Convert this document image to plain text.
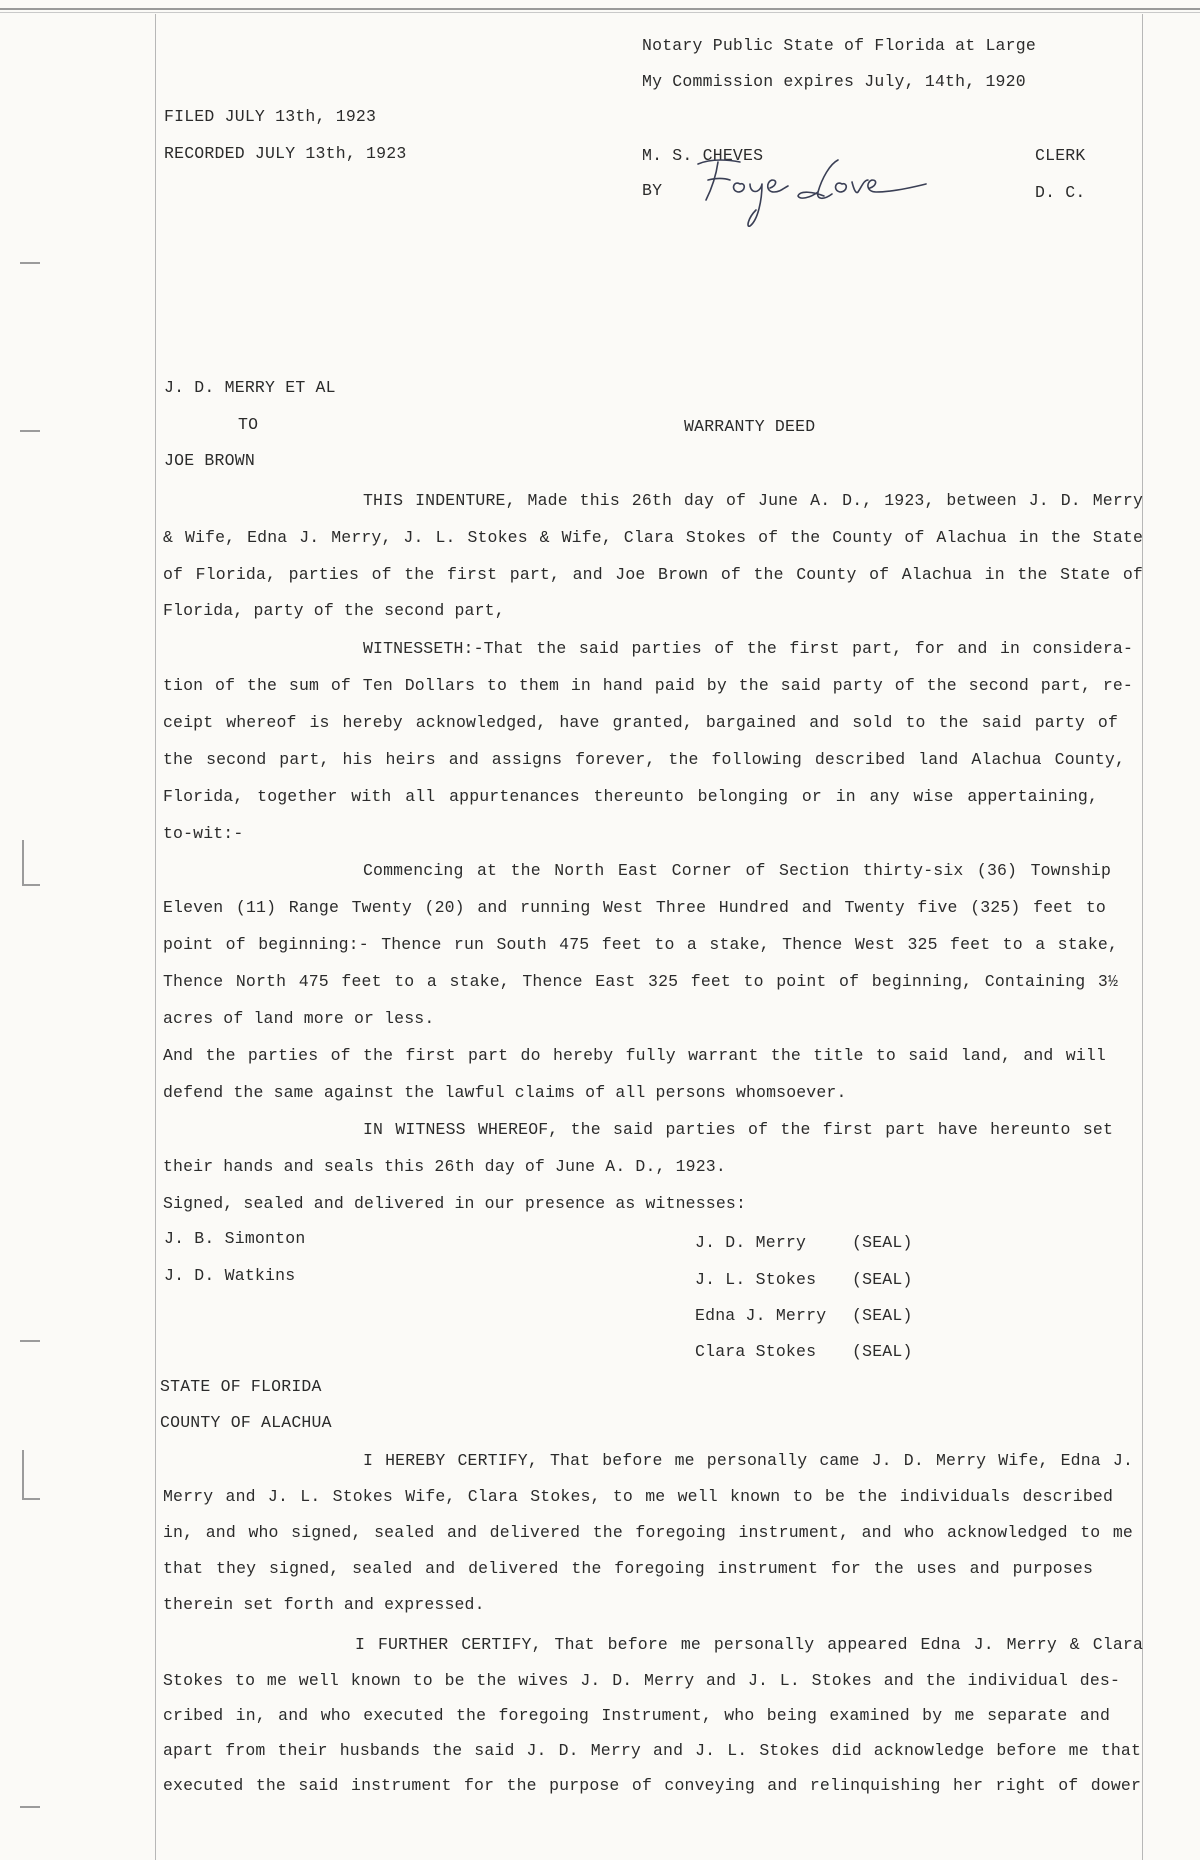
Notary Public State of Florida at Large
My Commission expires July, 14th, 1920
FILED JULY 13th, 1923
RECORDED JULY 13th, 1923	M. S. CHEVES	CLERK
BY	D. C.
J. D. MERRY ET AL
TO	WARRANTY DEED
JOE BROWN
THIS INDENTURE, Made this 26th day of June A. D., 1923, between J. D. Merry
& Wife, Edna J. Merry, J. L. Stokes & Wife, Clara Stokes of the County of Alachua in the State
of Florida, parties of the first part, and Joe Brown of the County of Alachua in the State of
Florida, party of the second part,
WITNESSETH:-That the said parties of the first part, for and in considera-
tion of the sum of Ten Dollars to them in hand paid by the said party of the second part, re-
ceipt whereof is hereby acknowledged, have granted, bargained and sold to the said party of
the second part, his heirs and assigns forever, the following described land Alachua County,
Florida, together with all appurtenances thereunto belonging or in any wise appertaining,
to-wit:-
Commencing at the North East Corner of Section thirty-six (36) Township
Eleven (11) Range Twenty (20) and running West Three Hundred and Twenty five (325) feet to
point of beginning:- Thence run South 475 feet to a stake, Thence West 325 feet to a stake,
Thence North 475 feet to a stake, Thence East 325 feet to point of beginning, Containing 3½
acres of land more or less.
And the parties of the first part do hereby fully warrant the title to said land, and will
defend the same against the lawful claims of all persons whomsoever.
IN WITNESS WHEREOF, the said parties of the first part have hereunto set
their hands and seals this 26th day of June A. D., 1923.
Signed, sealed and delivered in our presence as witnesses:
J. B. Simonton
J. D. Watkins
J. D. Merry	(SEAL)
J. L. Stokes (SEAL)
Edna J. Merry (SEAL)
Clara Stokes (SEAL)
STATE OF FLORIDA
COUNTY OF ALACHUA
I HEREBY CERTIFY, That before me personally came J. D. Merry Wife, Edna J.
Merry and J. L. Stokes Wife, Clara Stokes, to me well known to be the individuals described
in, and who signed, sealed and delivered the foregoing instrument, and who acknowledged to me
that they signed, sealed and delivered the foregoing instrument for the uses and purposes
therein set forth and expressed.
I FURTHER CERTIFY, That before me personally appeared Edna J. Merry & Clara
Stokes to me well known to be the wives J. D. Merry and J. L. Stokes and the individual des-
cribed in, and who executed the foregoing Instrument, who being examined by me separate and
apart from their husbands the said J. D. Merry and J. L. Stokes did acknowledge before me that
executed the said instrument for the purpose of conveying and relinquishing her right of dower
